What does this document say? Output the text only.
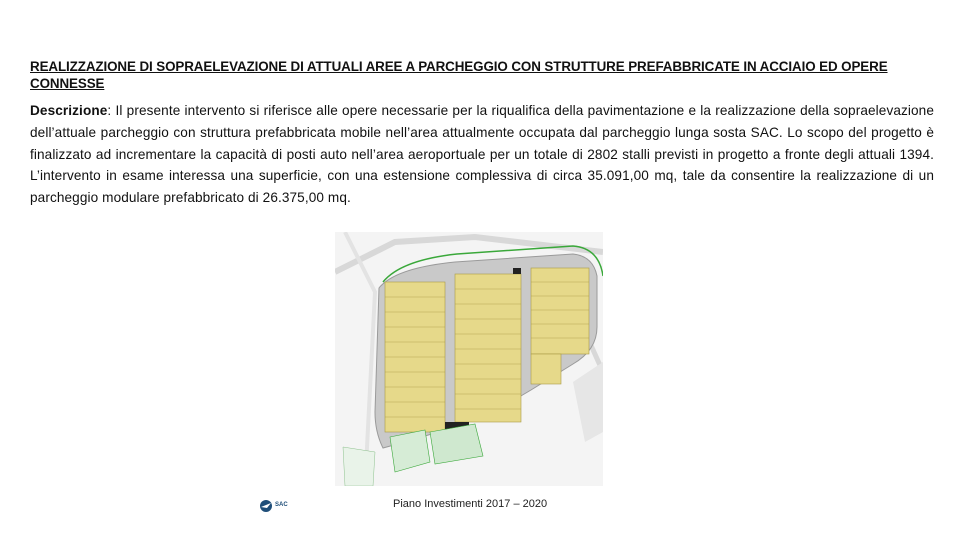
REALIZZAZIONE DI SOPRAELEVAZIONE DI ATTUALI AREE A PARCHEGGIO CON STRUTTURE PREFABBRICATE IN ACCIAIO ED OPERE CONNESSE
Descrizione: Il presente intervento si riferisce alle opere necessarie per la riqualifica della pavimentazione e la realizzazione della sopraelevazione dell’attuale parcheggio con struttura prefabbricata mobile nell’area attualmente occupata dal parcheggio lunga sosta SAC. Lo scopo del progetto è finalizzato ad incrementare la capacità di posti auto nell’area aeroportuale per un totale di 2802 stalli previsti in progetto a fronte degli attuali 1394. L’intervento in esame interessa una superficie, con una estensione complessiva di circa 35.091,00 mq, tale da consentire la realizzazione di un parcheggio modulare prefabbricato di 26.375,00 mq.
SAC	Piano Investimenti 2017 – 2020
